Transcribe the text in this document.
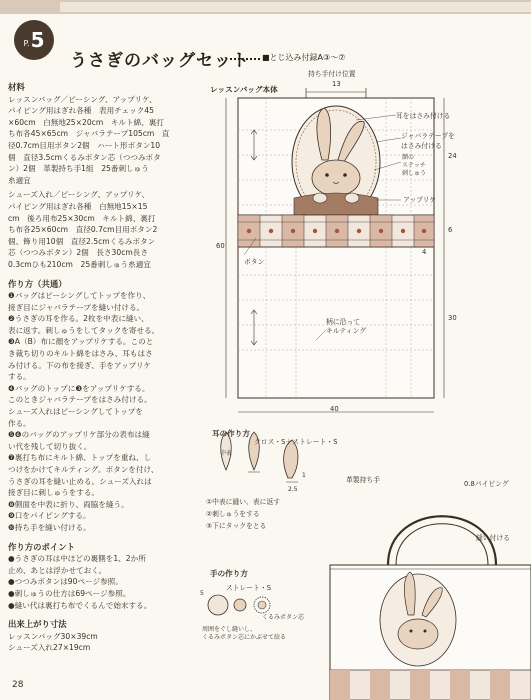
P. 5
うさぎのバッグセット ■とじ込み付録A③〜⑦
材料
レッスンバッグ／ピーシング、アップリケ、
パイピング用はぎれ各種　表用チェック45
×60cm　白無地25×20cm　キルト綿、裏打
ち布各45×65cm　ジャバラテープ105cm　直
径0.7cm目用ボタン2個　ハート形ボタン10
個　直径3.5cmくるみボタン芯（つつみボタ
ン）2個　革製持ち手1組　25番刺しゅう
糸適宜
シューズ入れ／ピーシング、アップリケ、
パイピング用はぎれ各種　白無地15×15
cm　後ろ用布25×30cm　キルト綿、裏打
ち布各25×60cm　直径0.7cm目用ボタン2
個、飾り用10個　直径2.5cmくるみボタン
芯（つつみボタン）2個　長さ30cm長さ
0.3cmひも210cm　25番刺しゅう糸適宜
作り方（共通）
❶バッグはピーシングしてトップを作り、
接ぎ目にジャバラテープを縫い付ける。
❷うさぎの耳を作る。2枚を中表に縫い、
表に返す。刺しゅうをしてタックを寄せる。
❸A（B）布に顔をアップリケする。このと
き裁ち切りのキルト綿をはさみ、耳もはさ
み付ける。下の布を接ぎ、手をアップリケ
する。
❹バッグのトップに❸をアップリケする。
このときジャバラテープをはさみ付ける。
シューズ入れはピーシングしてトップを
作る。
❺❻のバッグのアップリケ部分の表布は縫
い代を残して切り抜く。
❼裏打ち布にキルト綿、トップを重ね、し
つけをかけてキルティング。ボタンを付け、
うさぎの耳を縫い止める。シューズ入れは
接ぎ目に刺しゅうをする。
❽側面を中表に折り、両脇を縫う。
❾口をパイピングする。
❿持ち手を縫い付ける。
作り方のポイント
●うさぎの耳は中ほどの裏側を1、2か所
止め、あとは浮かせておく。
●つつみボタンは90ページ参照。
●刺しゅうの仕方は69ページ参照。
●縫い代は裏打ち布でくるんで始末する。
出来上がり寸法
レッスンバッグ30×39cm
シューズ入れ27×19cm
28
レッスンバッグ本体
持ち手付け位置
13
耳をはさみ付ける
ジャバラテープを
はさみ付ける
顔の
ステッチ
刺しゅう
アップリケ
ボタン
柄に沿って
キルティング
24
6
4
60
30
40
耳の作り方
クロス・S＋ストレート・S
中表
1
2.5
①中表に縫い、表に返す
②刺しゅうをする
③下にタックをとる
革製持ち手	0.8パイピング
縫い付ける
手の作り方
ストレート・S
5
くるみボタン芯
周囲をぐし縫いし、
くるみボタン芯にかぶせて絞る
